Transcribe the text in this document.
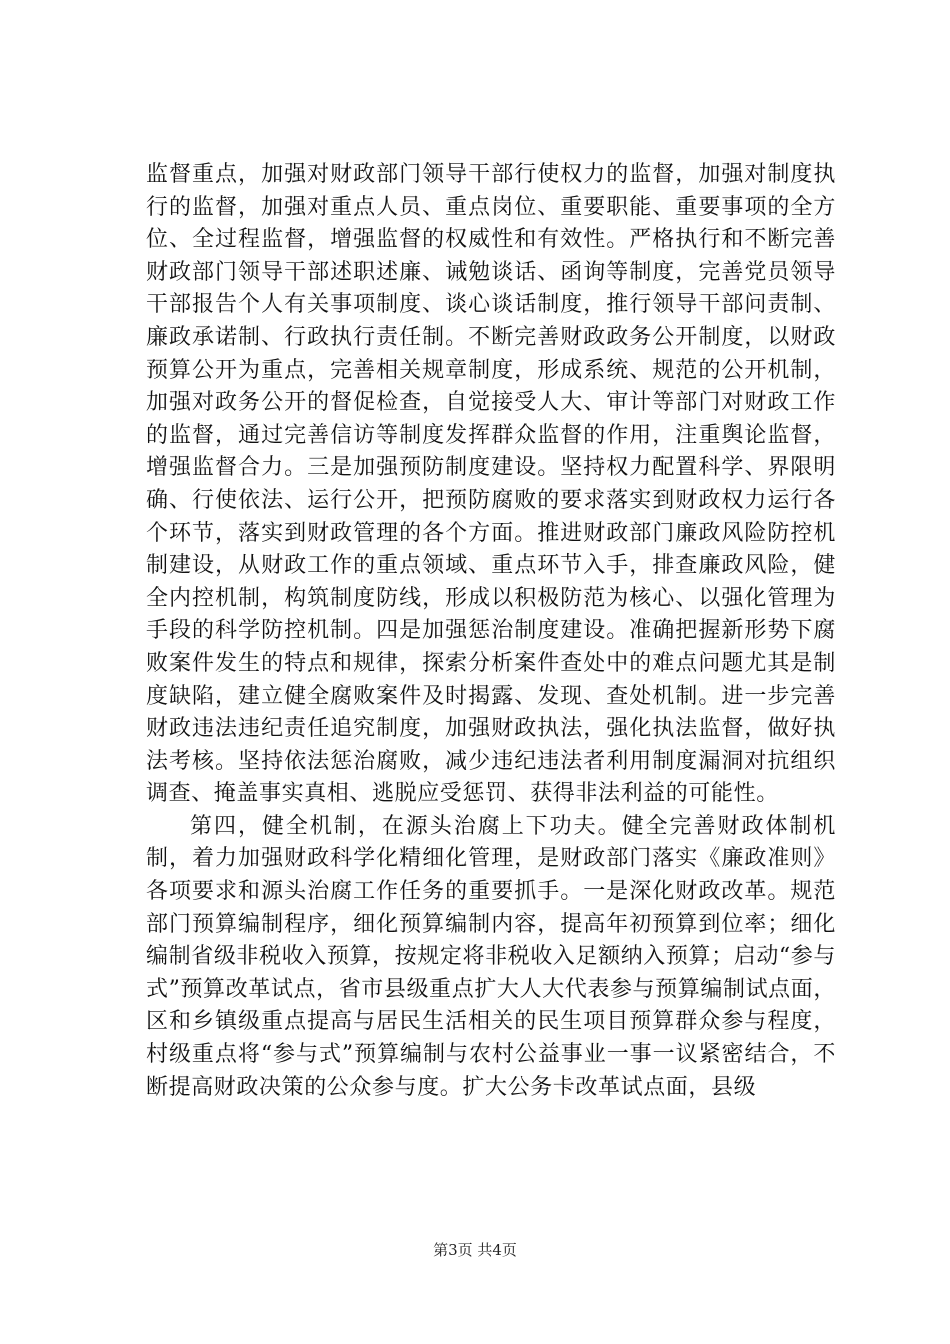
监督重点，加强对财政部门领导干部行使权力的监督，加强对制度执行的监督，加强对重点人员、重点岗位、重要职能、重要事项的全方位、全过程监督，增强监督的权威性和有效性。严格执行和不断完善财政部门领导干部述职述廉、诫勉谈话、函询等制度，完善党员领导干部报告个人有关事项制度、谈心谈话制度，推行领导干部问责制、廉政承诺制、行政执行责任制。不断完善财政政务公开制度，以财政预算公开为重点，完善相关规章制度，形成系统、规范的公开机制，加强对政务公开的督促检查，自觉接受人大、审计等部门对财政工作的监督，通过完善信访等制度发挥群众监督的作用，注重舆论监督，增强监督合力。三是加强预防制度建设。坚持权力配置科学、界限明确、行使依法、运行公开，把预防腐败的要求落实到财政权力运行各个环节，落实到财政管理的各个方面。推进财政部门廉政风险防控机制建设，从财政工作的重点领域、重点环节入手，排查廉政风险，健全内控机制，构筑制度防线，形成以积极防范为核心、以强化管理为手段的科学防控机制。四是加强惩治制度建设。准确把握新形势下腐败案件发生的特点和规律，探索分析案件查处中的难点问题尤其是制度缺陷，建立健全腐败案件及时揭露、发现、查处机制。进一步完善财政违法违纪责任追究制度，加强财政执法，强化执法监督，做好执法考核。坚持依法惩治腐败，减少违纪违法者利用制度漏洞对抗组织调查、掩盖事实真相、逃脱应受惩罚、获得非法利益的可能性。

第四，健全机制，在源头治腐上下功夫。健全完善财政体制机制，着力加强财政科学化精细化管理，是财政部门落实《廉政准则》各项要求和源头治腐工作任务的重要抓手。一是深化财政改革。规范部门预算编制程序，细化预算编制内容，提高年初预算到位率；细化编制省级非税收入预算，按规定将非税收入足额纳入预算；启动“参与式”预算改革试点，省市县级重点扩大人大代表参与预算编制试点面，区和乡镇级重点提高与居民生活相关的民生项目预算群众参与程度，村级重点将“参与式”预算编制与农村公益事业一事一议紧密结合，不断提高财政决策的公众参与度。扩大公务卡改革试点面，县级

第3页 共4页
